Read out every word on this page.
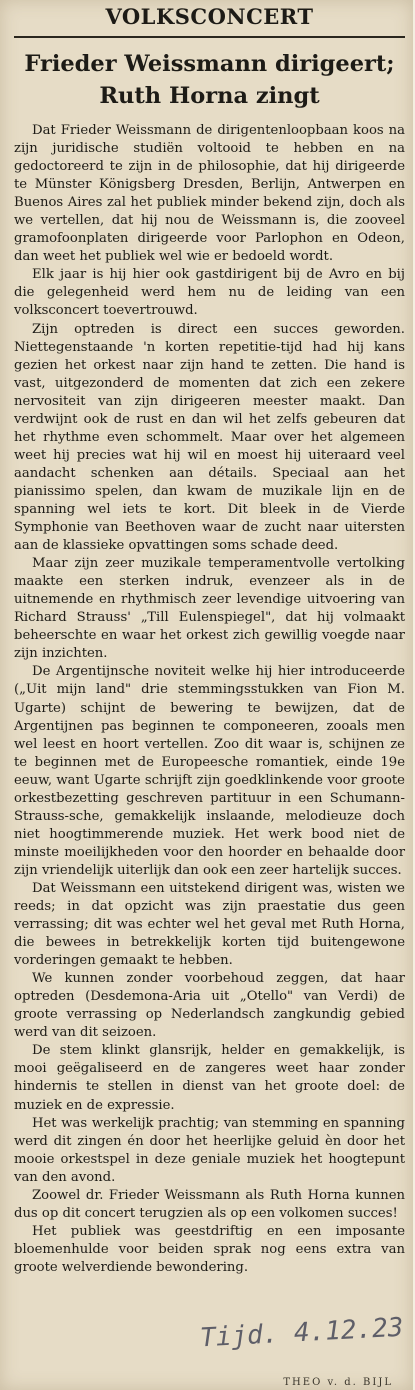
VOLKSCONCERT
Frieder Weissmann dirigeert;
Ruth Horna zingt

Dat Frieder Weissmann de dirigentenloopbaan koos na zijn juridische studiën voltooid te hebben en na gedoctoreerd te zijn in de philosophie, dat hij dirigeerde te Münster Königsberg Dresden, Berlijn, Antwerpen en Buenos Aires zal het publiek minder bekend zijn, doch als we vertellen, dat hij nou de Weissmann is, die zooveel gramofoonplaten dirigeerde voor Parlophon en Odeon, dan weet het publiek wel wie er bedoeld wordt.

Elk jaar is hij hier ook gastdirigent bij de Avro en bij die gelegenheid werd hem nu de leiding van een volksconcert toevertrouwd.

Zijn optreden is direct een succes geworden. Niettegenstaande 'n korten repetitie-tijd had hij kans gezien het orkest naar zijn hand te zetten. Die hand is vast, uitgezonderd de momenten dat zich een zekere nervositeit van zijn dirigeeren meester maakt. Dan verdwijnt ook de rust en dan wil het zelfs gebeuren dat het rhythme even schommelt. Maar over het algemeen weet hij precies wat hij wil en moest hij uiteraard veel aandacht schenken aan détails. Speciaal aan het pianissimo spelen, dan kwam de muzikale lijn en de spanning wel iets te kort. Dit bleek in de Vierde Symphonie van Beethoven waar de zucht naar uitersten aan de klassieke opvattingen soms schade deed.

Maar zijn zeer muzikale temperamentvolle vertolking maakte een sterken indruk, evenzeer als in de uitnemende en rhythmisch zeer levendige uitvoering van Richard Strauss' „Till Eulenspiegel", dat hij volmaakt beheerschte en waar het orkest zich gewillig voegde naar zijn inzichten.

De Argentijnsche noviteit welke hij hier introduceerde („Uit mijn land" drie stemmingsstukken van Fion M. Ugarte) schijnt de bewering te bewijzen, dat de Argentijnen pas beginnen te componeeren, zooals men wel leest en hoort vertellen. Zoo dit waar is, schijnen ze te beginnen met de Europeesche romantiek, einde 19e eeuw, want Ugarte schrijft zijn goedklinkende voor groote orkestbezetting geschreven partituur in een Schumann-Strauss-sche, gemakkelijk inslaande, melodieuze doch niet hoogtimmerende muziek. Het werk bood niet de minste moeilijkheden voor den hoorder en behaalde door zijn vriendelijk uiterlijk dan ook een zeer hartelijk succes.

Dat Weissmann een uitstekend dirigent was, wisten we reeds; in dat opzicht was zijn praestatie dus geen verrassing; dit was echter wel het geval met Ruth Horna, die bewees in betrekkelijk korten tijd buitengewone vorderingen gemaakt te hebben.

We kunnen zonder voorbehoud zeggen, dat haar optreden (Desdemona-Aria uit „Otello" van Verdi) de groote verrassing op Nederlandsch zangkundig gebied werd van dit seizoen.

De stem klinkt glansrijk, helder en gemakkelijk, is mooi geëgaliseerd en de zangeres weet haar zonder hindernis te stellen in dienst van het groote doel: de muziek en de expressie.

Het was werkelijk prachtig; van stemming en spanning werd dit zingen én door het heerlijke geluid èn door het mooie orkestspel in deze geniale muziek het hoogtepunt van den avond.

Zoowel dr. Frieder Weissmann als Ruth Horna kunnen dus op dit concert terugzien als op een volkomen succes!

Het publiek was geestdriftig en een imposante bloemenhulde voor beiden sprak nog eens extra van groote welverdiende bewondering.

Tijd. 4.12.23
THEO v. d. BIJL
